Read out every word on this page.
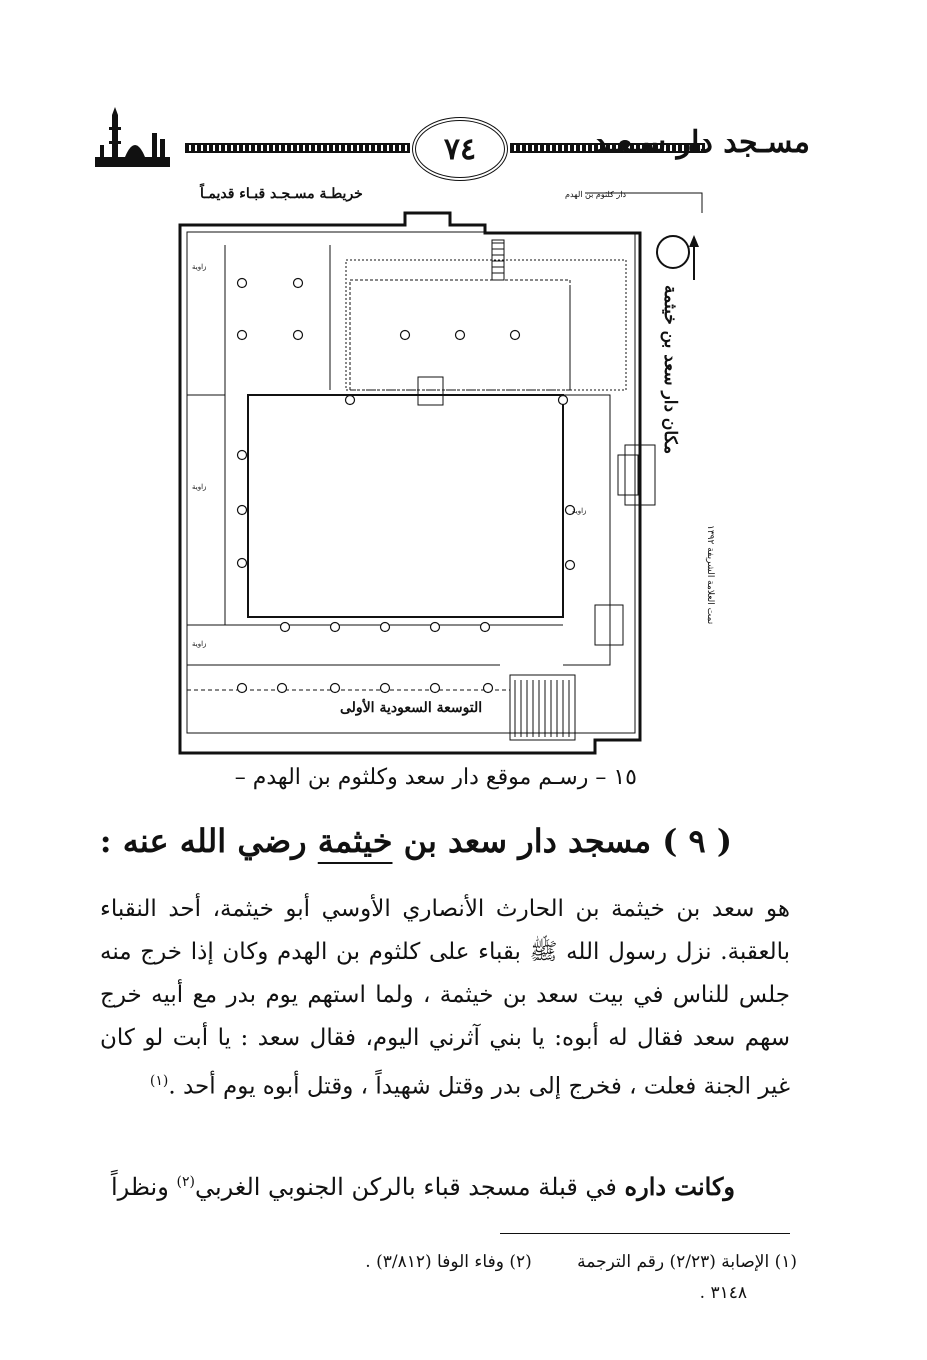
٧٤	مسـجد دار سـعـد
خريطـة مسـجـد قبـاء قديمـاً	دار كلثوم بن الهدم
مكان دار سعد بن خيثمة
التوسعة السعودية الأولى
تمت العلامة الشريفة ١٣٩٢
زاوية
زاوية
زاوية
زاوية
١٥ – رسـم موقع دار سعد وكلثوم بن الهدم –
( ٩ ) مسجد دار سعد بن خيثمة رضي الله عنه :

هو سعد بن خيثمة بن الحارث الأنصاري الأوسي أبو خيثمة، أحد النقباء بالعقبة. نزل رسول الله ﷺ بقباء على كلثوم بن الهدم وكان إذا خرج منه جلس للناس في بيت سعد بن خيثمة ، ولما استهم يوم بدر مع أبيه خرج سهم سعد فقال له أبوه: يا بني آثرني اليوم، فقال سعد : يا أبت لو كان غير الجنة فعلت ، فخرج إلى بدر وقتل شهيداً ، وقتل أبوه يوم أحد .$^{(١)}$

وكانت داره في قبلة مسجد قباء بالركن الجنوبي الغربي$^{(٢)}$ ونظراً

(١) الإصابة (٢/٢٣) رقم الترجمة (٢) وفاء الوفا (٣/٨١٢) .
٣١٤٨ .
